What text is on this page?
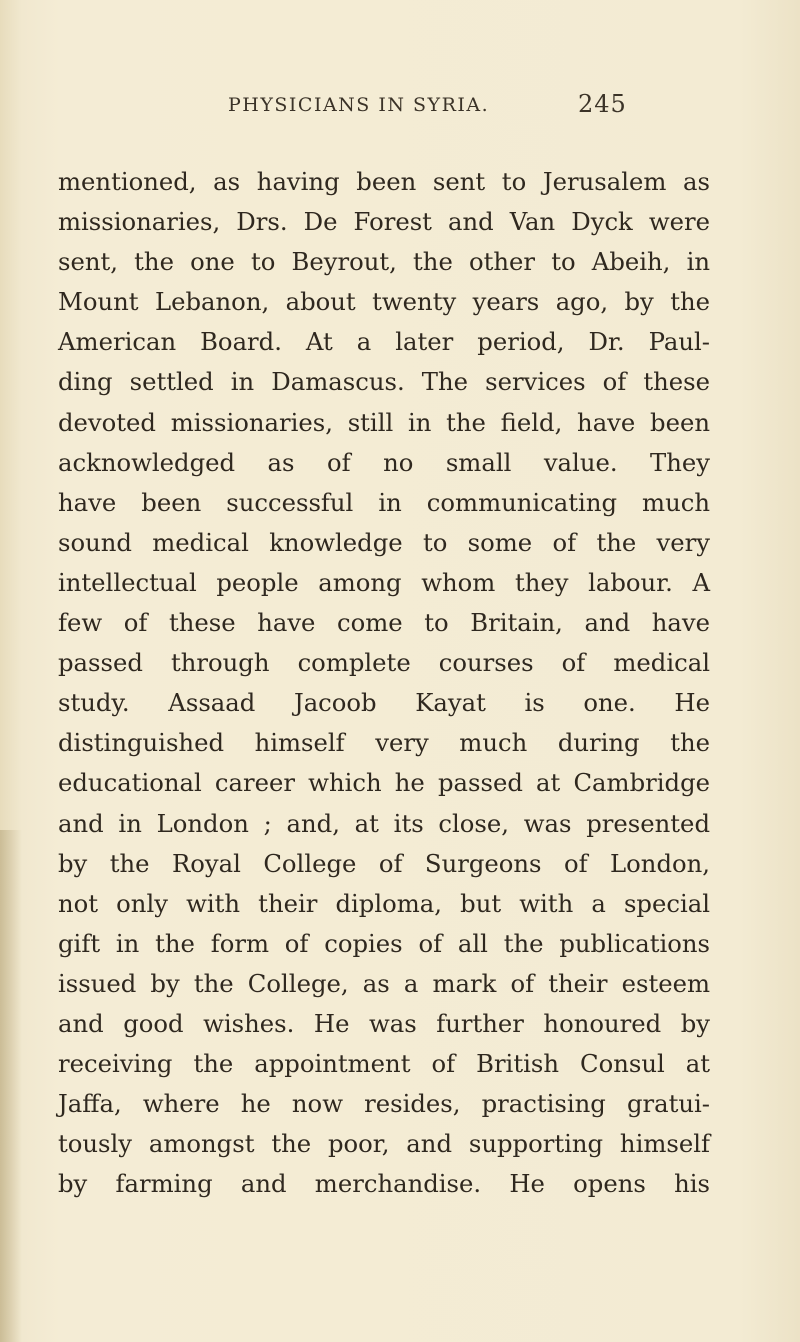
PHYSICIANS IN SYRIA.	245
mentioned, as having been sent to Jerusalem as
missionaries, Drs. De Forest and Van Dyck were
sent, the one to Beyrout, the other to Abeih, in
Mount Lebanon, about twenty years ago, by the
American Board. At a later period, Dr. Paul-
ding settled in Damascus. The services of these
devoted missionaries, still in the field, have been
acknowledged as of no small value. They
have been successful in communicating much
sound medical knowledge to some of the very
intellectual people among whom they labour. A
few of these have come to Britain, and have
passed through complete courses of medical
study. Assaad Jacoob Kayat is one. He
distinguished himself very much during the
educational career which he passed at Cambridge
and in London ; and, at its close, was presented
by the Royal College of Surgeons of London,
not only with their diploma, but with a special
gift in the form of copies of all the publications
issued by the College, as a mark of their esteem
and good wishes. He was further honoured by
receiving the appointment of British Consul at
Jaffa, where he now resides, practising gratui-
tously amongst the poor, and supporting himself
by farming and merchandise. He opens his
